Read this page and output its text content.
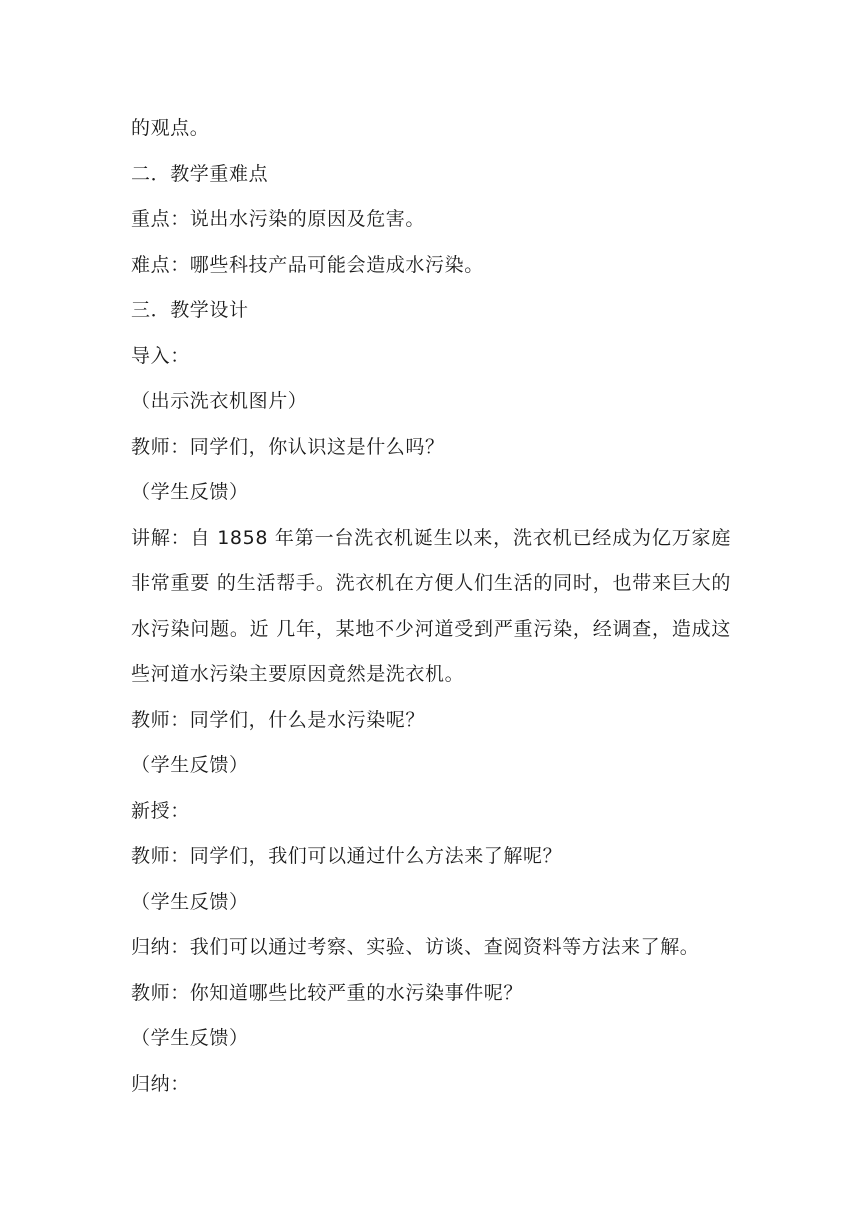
的观点。
二．教学重难点
重点：说出水污染的原因及危害。
难点：哪些科技产品可能会造成水污染。
三．教学设计
导入：
（出示洗衣机图片）
教师：同学们，你认识这是什么吗？
（学生反馈）

讲解：自 1858 年第一台洗衣机诞生以来，洗衣机已经成为亿万家庭非常重要 的生活帮手。洗衣机在方便人们生活的同时，也带来巨大的水污染问题。近 几年，某地不少河道受到严重污染，经调查，造成这些河道水污染主要原因竟然是洗衣机。

教师：同学们，什么是水污染呢？
（学生反馈）
新授：
教师：同学们，我们可以通过什么方法来了解呢？
（学生反馈）
归纳：我们可以通过考察、实验、访谈、查阅资料等方法来了解。
教师：你知道哪些比较严重的水污染事件呢？
（学生反馈）
归纳：
